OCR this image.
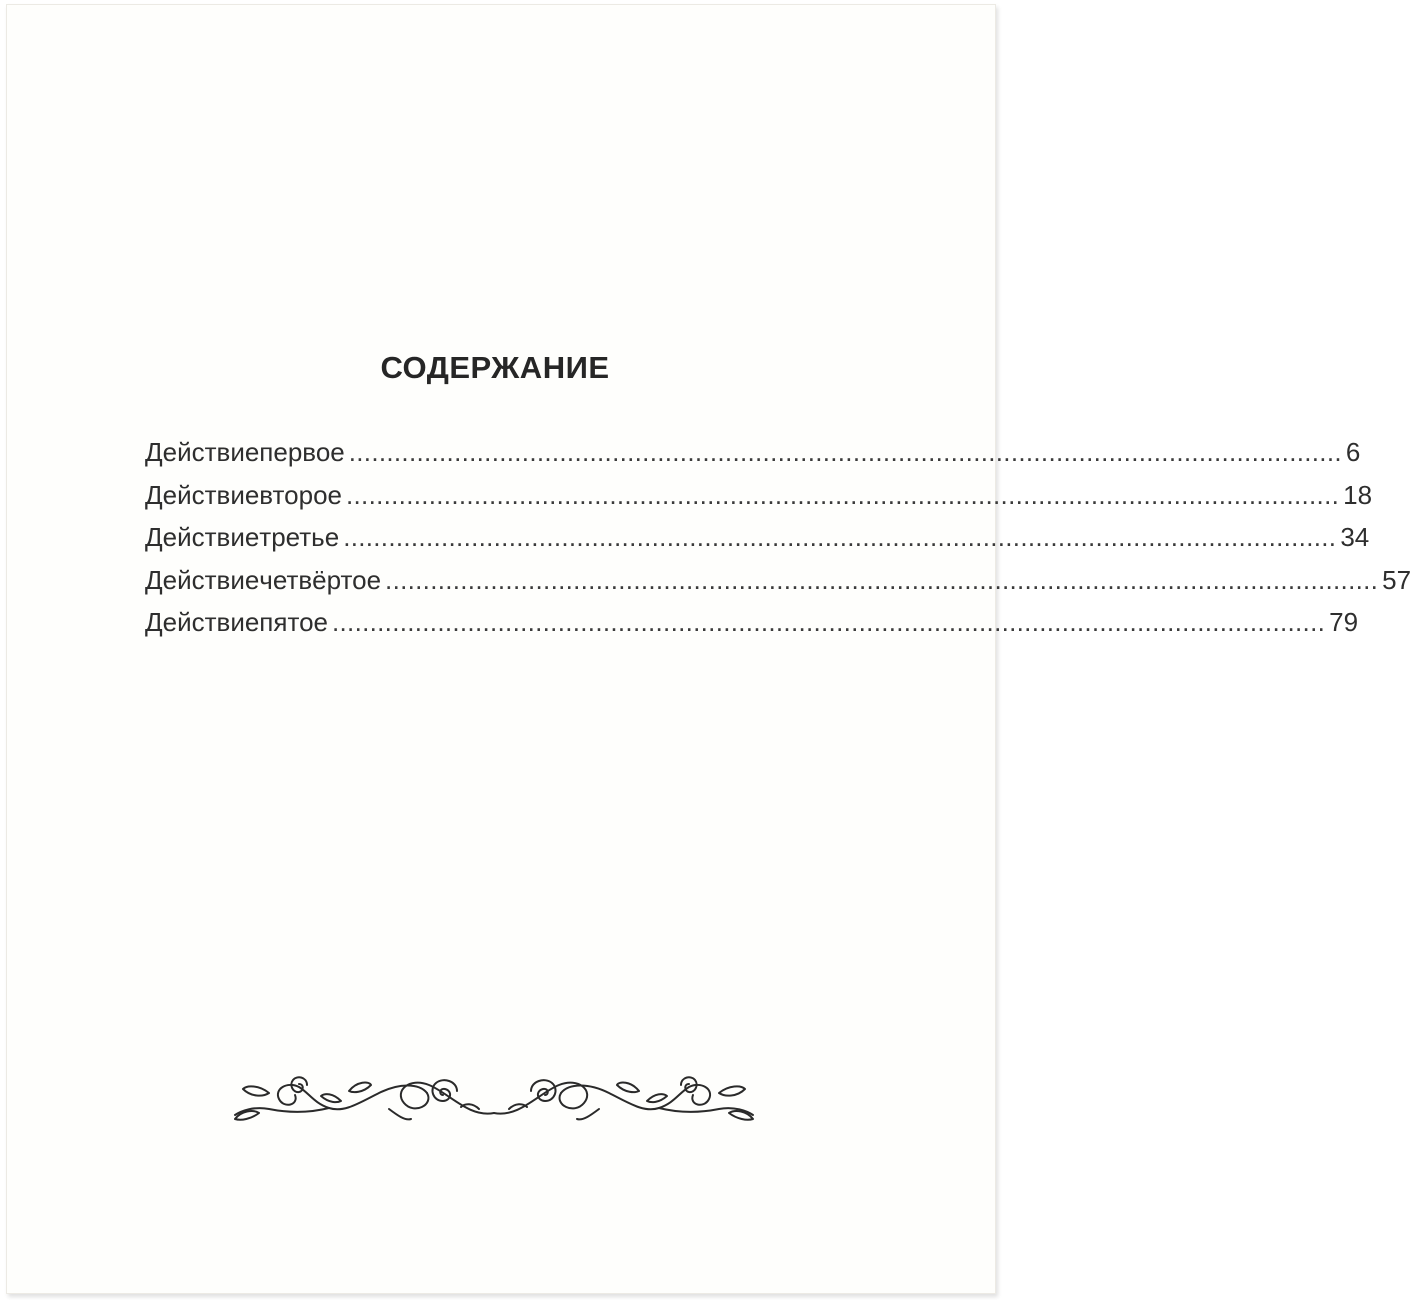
СОДЕРЖАНИЕ
Действие первое .................................................................................................................................... 6
Действие второе .................................................................................................................................... 18
Действие третье .................................................................................................................................... 34
Действие четвёртое .................................................................................................................................... 57
Действие пятое .................................................................................................................................... 79
